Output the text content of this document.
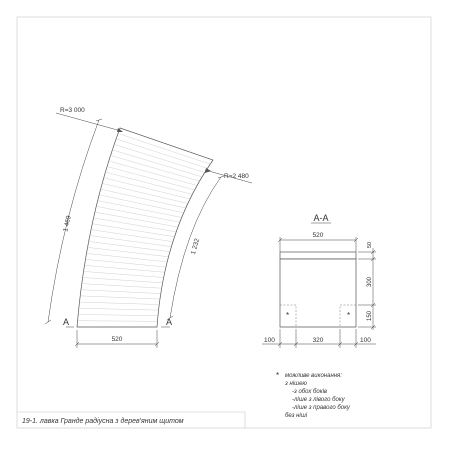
1 469
1 232
R=3 000
R=2 480
520
A	A
A-A
520
*	*
50
300
150
100	320	100
* можливе виконання:
з нішею
-з обох боків
-ліше з лівого боку
-ліше з правого боку
без ніші
19-1. лавка Гранде радіусна з дерев'яним щитом
